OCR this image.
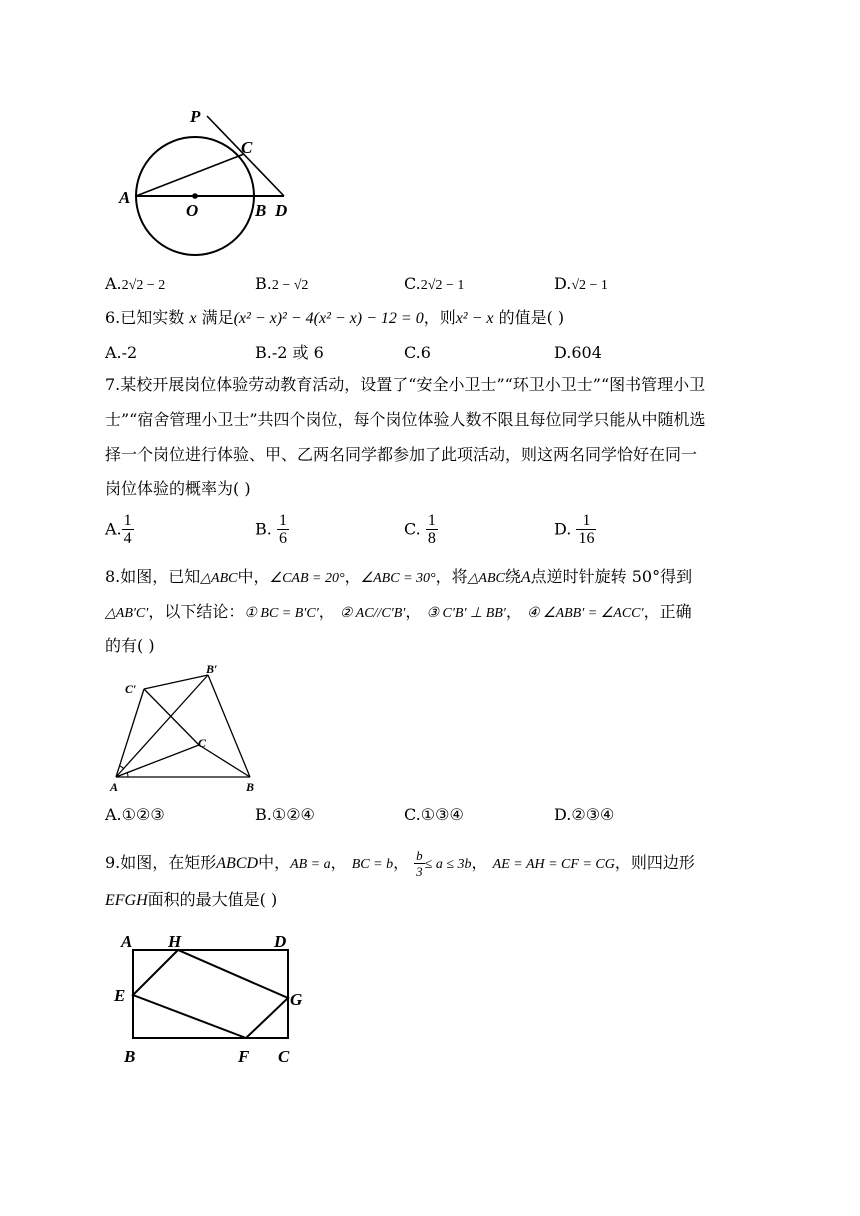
P
C
A
O	B D
A.2√2 − 2	B.2 − √2	C.2√2 − 1	D.√2 − 1
6.已知实数 x 满足(x² − x)² − 4(x² − x) − 12 = 0，则x² − x 的值是( )
A.-2	B.-2 或 6	C.6	D.604
7.某校开展岗位体验劳动教育活动，设置了“安全小卫士”“环卫小卫士”“图书管理小卫
士”“宿舍管理小卫士”共四个岗位，每个岗位体验人数不限且每位同学只能从中随机选
择一个岗位进行体验、甲、乙两名同学都参加了此项活动，则这两名同学恰好在同一
岗位体验的概率为( )
A. $\frac{1}{4}$	B. $\frac{1}{6}$	C. $\frac{1}{8}$	D. $\frac{1}{16}$
8.如图，已知△ABC中，∠CAB = 20°，∠ABC = 30°，将△ABC绕A点逆时针旋转 50°得到
△AB′C′，以下结论：① BC = B′C′， ② AC//C′B′， ③ C′B′ ⊥ BB′， ④ ∠ABB′ = ∠ACC′，正确
的有( )
B′
C′
C
A	B
A.①②③	B.①②④	C.①③④	D.②③④
9.如图，在矩形ABCD中，AB = a， BC = b， $\frac{b}{3} \le a \le 3b$， AE = AH = CF = CG，则四边形
EFGH面积的最大值是( )
A H	D
E	G
B	F C
